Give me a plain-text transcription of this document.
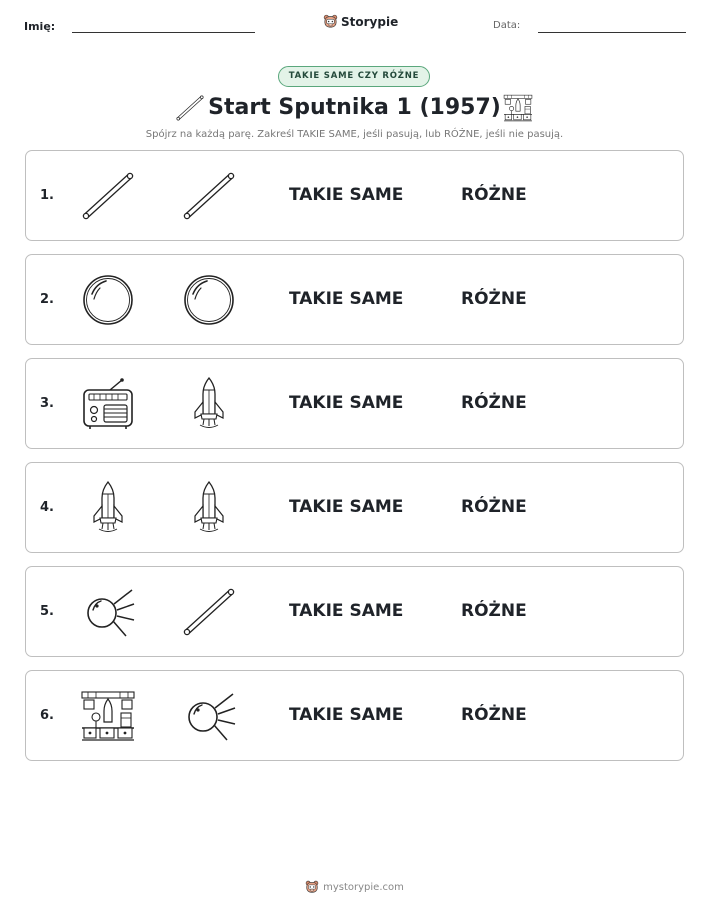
Imię:	Storypie	Data:
TAKIE SAME CZY RÓŻNE
Start Sputnika 1 (1957)
Spójrz na każdą parę. Zakreśl TAKIE SAME, jeśli pasują, lub RÓŻNE, jeśli nie pasują.
1.	TAKIE SAME	RÓŻNE
2.	TAKIE SAME	RÓŻNE
3.	TAKIE SAME	RÓŻNE
4.	TAKIE SAME	RÓŻNE
5.	TAKIE SAME	RÓŻNE
6.	TAKIE SAME	RÓŻNE
mystorypie.com
